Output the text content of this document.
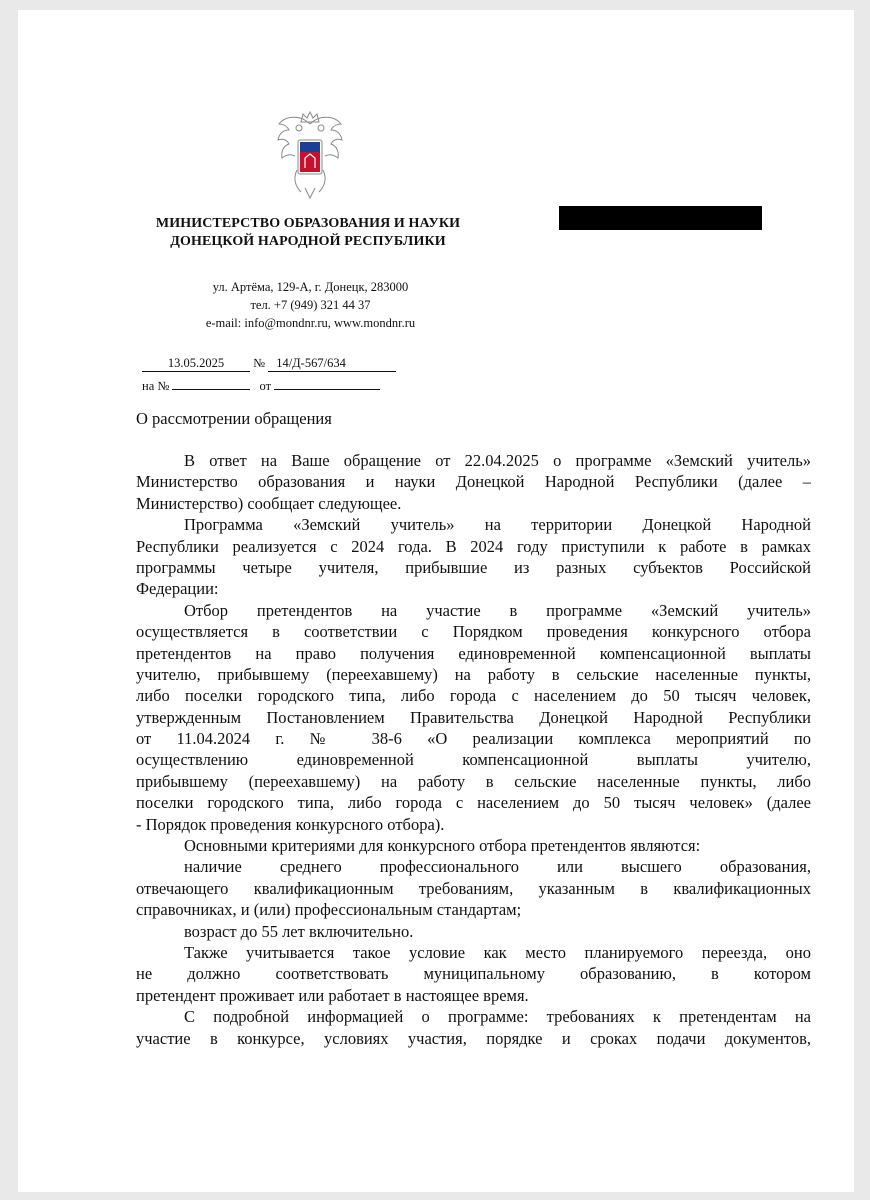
МИНИСТЕРСТВО ОБРАЗОВАНИЯ И НАУКИ
ДОНЕЦКОЙ НАРОДНОЙ РЕСПУБЛИКИ
ул. Артёма, 129-А, г. Донецк, 283000
тел. +7 (949) 321 44 37
e-mail: info@mondnr.ru, www.mondnr.ru
13.05.2025 № 14/Д-567/634
на №	от
О рассмотрении обращения

В ответ на Ваше обращение от 22.04.2025 о программе «Земский учитель»
Министерство образования и науки Донецкой Народной Республики (далее –
Министерство) сообщает следующее.

Программа «Земский учитель» на территории Донецкой Народной
Республики реализуется с 2024 года. В 2024 году приступили к работе в рамках
программы четыре учителя, прибывшие из разных субъектов Российской
Федерации:

Отбор претендентов на участие в программе «Земский учитель»
осуществляется в соответствии с Порядком проведения конкурсного отбора
претендентов на право получения единовременной компенсационной выплаты
учителю, прибывшему (переехавшему) на работу в сельские населенные пункты,
либо поселки городского типа, либо города с населением до 50 тысяч человек,
утвержденным Постановлением Правительства Донецкой Народной Республики
от 11.04.2024 г. № 38-6 «О реализации комплекса мероприятий по
осуществлению единовременной компенсационной выплаты учителю,
прибывшему (переехавшему) на работу в сельские населенные пункты, либо
поселки городского типа, либо города с населением до 50 тысяч человек» (далее
- Порядок проведения конкурсного отбора).

Основными критериями для конкурсного отбора претендентов являются:

наличие среднего профессионального или высшего образования,
отвечающего квалификационным требованиям, указанным в квалификационных
справочниках, и (или) профессиональным стандартам;

возраст до 55 лет включительно.

Также учитывается такое условие как место планируемого переезда, оно
не должно соответствовать муниципальному образованию, в котором
претендент проживает или работает в настоящее время.

С подробной информацией о программе: требованиях к претендентам на
участие в конкурсе, условиях участия, порядке и сроках подачи документов,
